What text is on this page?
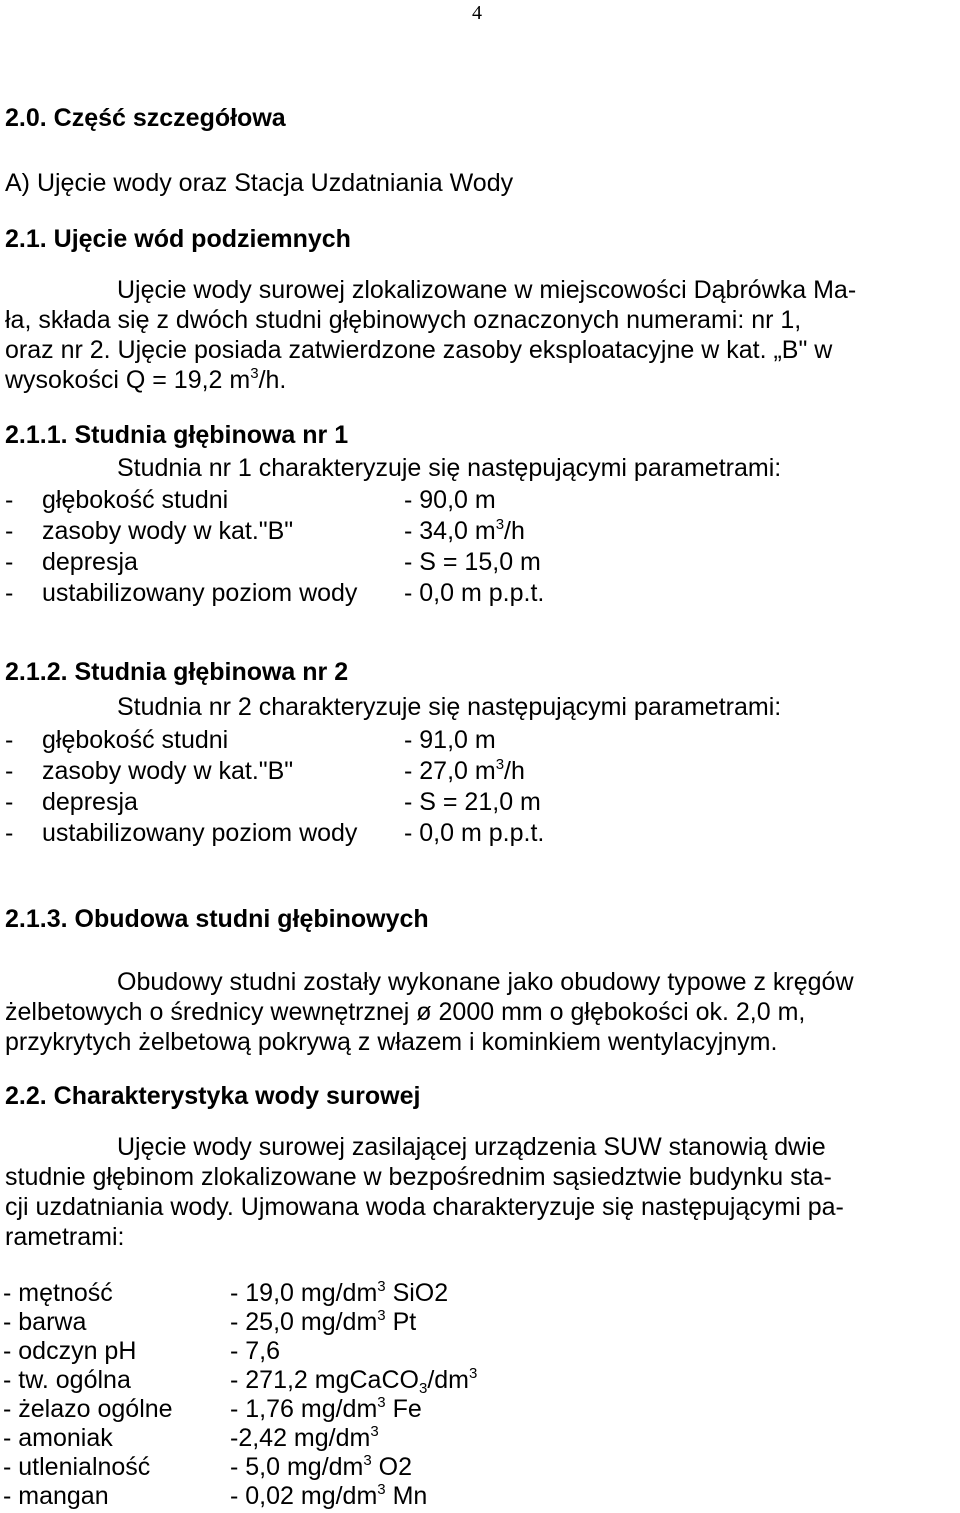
4
2.0. Część szczegółowa
A) Ujęcie wody oraz Stacja Uzdatniania Wody
2.1. Ujęcie wód podziemnych

Ujęcie wody surowej zlokalizowane w miejscowości Dąbrówka Ma-

ła, składa się z dwóch studni głębinowych oznaczonych numerami: nr 1,

oraz nr 2. Ujęcie posiada zatwierdzone zasoby eksploatacyjne w kat. „B" w

wysokości Q = 19,2 $m^3/h$.

2.1.1. Studnia głębinowa nr 1
Studnia nr 1 charakteryzuje się następującymi parametrami:
- głębokość studni	- 90,0 m
- zasoby wody w kat."B"	- 34,0 $m^3/h$
- depresja	- S = 15,0 m
- ustabilizowany poziom wody - 0,0 m p.p.t.
2.1.2. Studnia głębinowa nr 2
Studnia nr 2 charakteryzuje się następującymi parametrami:
- głębokość studni	- 91,0 m
- zasoby wody w kat."B"	- 27,0 $m^3/h$
- depresja	- S = 21,0 m
- ustabilizowany poziom wody - 0,0 m p.p.t.
2.1.3. Obudowa studni głębinowych

Obudowy studni zostały wykonane jako obudowy typowe z kręgów

żelbetowych o średnicy wewnętrznej ø 2000 mm o głębokości ok. 2,0 m,

przykrytych żelbetową pokrywą z włazem i kominkiem wentylacyjnym.

2.2. Charakterystyka wody surowej

Ujęcie wody surowej zasilającej urządzenia SUW stanowią dwie

studnie głębinom zlokalizowane w bezpośrednim sąsiedztwie budynku sta-

cji uzdatniania wody. Ujmowana woda charakteryzuje się następującymi pa-

rametrami:

- mętność	- 19,0 $mg/dm^3$ SiO2
- barwa	- 25,0 $mg/dm^3$ Pt
- odczyn pH	- 7,6
- tw. ogólna	- 271,2 $mgCaCO_3/dm^3$
- żelazo ogólne - 1,76 $mg/dm^3$ Fe
- amoniak	-2,42 $mg/dm^3$
- utlenialność	- 5,0 $mg/dm^3$ O2
- mangan	- 0,02 $mg/dm^3$ Mn
